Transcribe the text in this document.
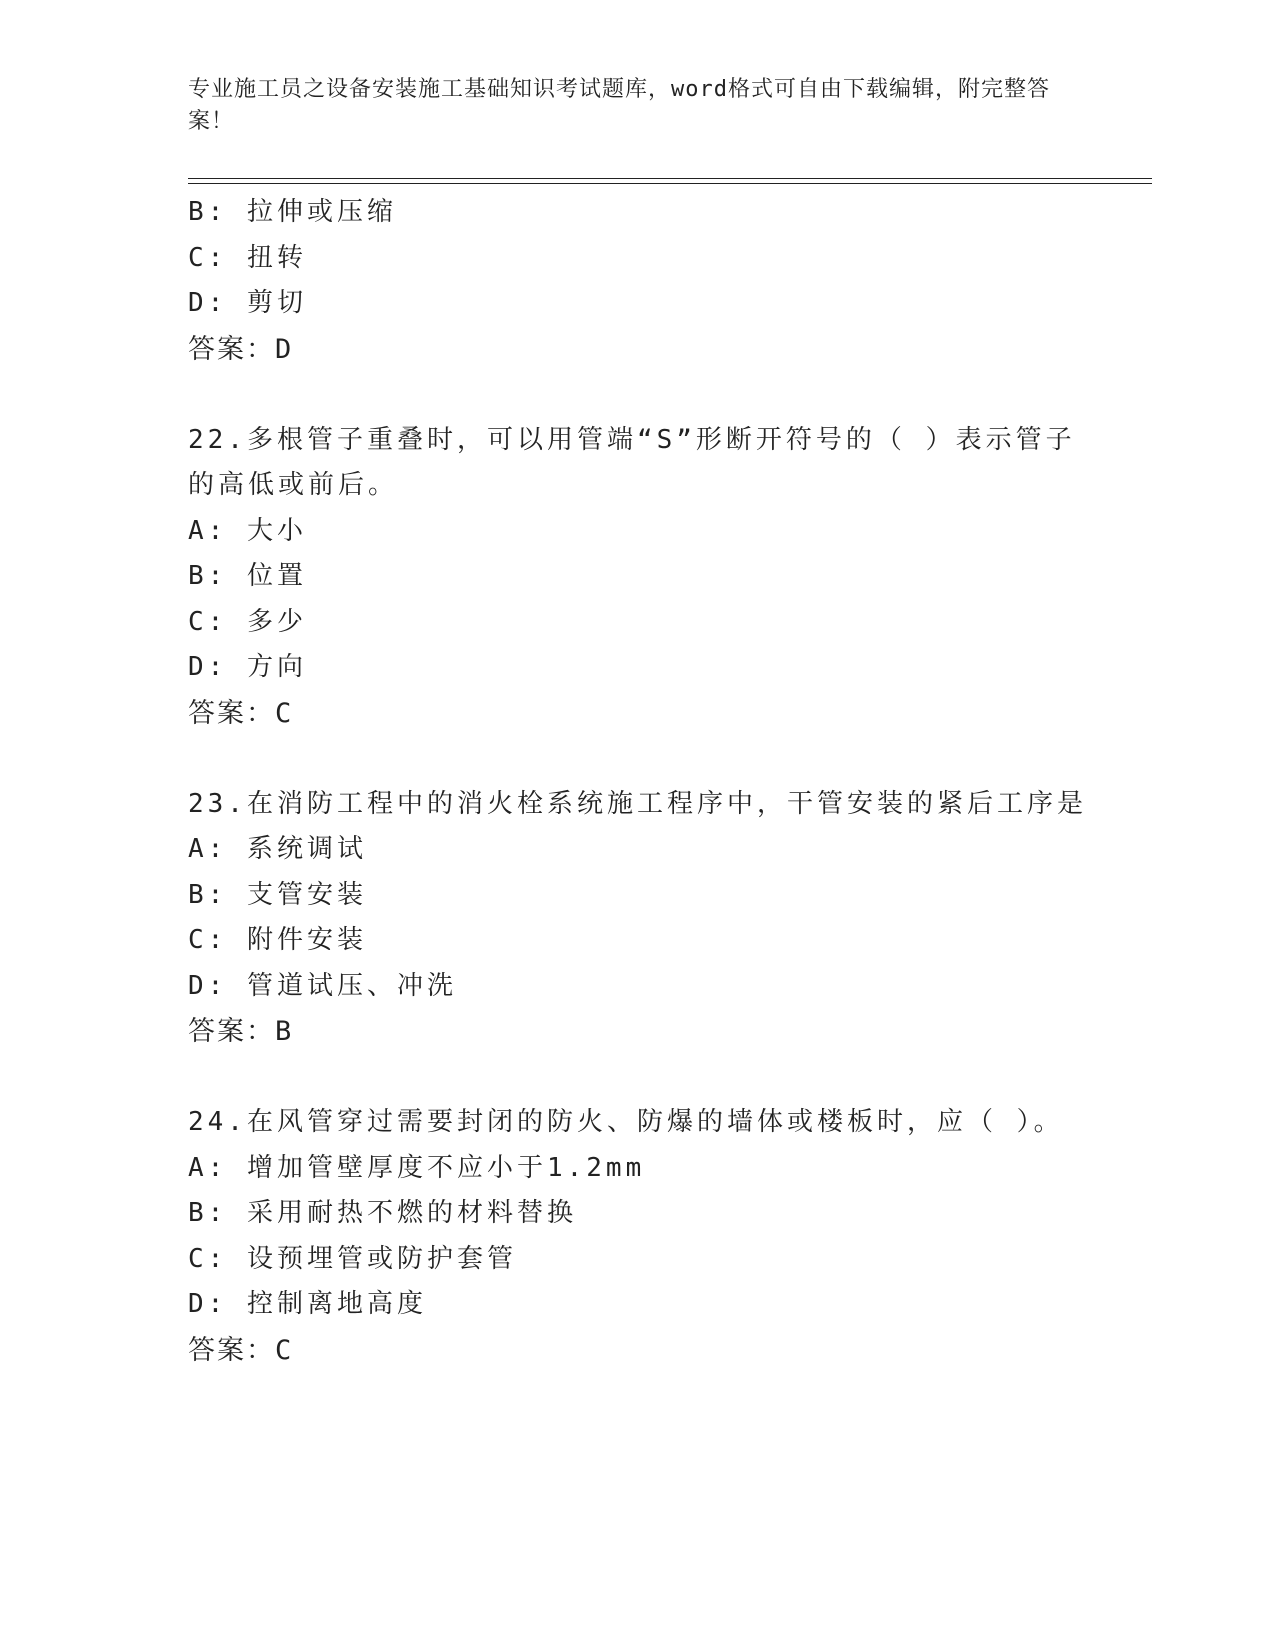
专业施工员之设备安装施工基础知识考试题库，word格式可自由下载编辑，附完整答案！
B: 拉伸或压缩
C: 扭转
D: 剪切
答案：D
22.多根管子重叠时，可以用管端“S”形断开符号的（ ）表示管子的高低或前后。
A: 大小
B: 位置
C: 多少
D: 方向
答案：C
23.在消防工程中的消火栓系统施工程序中，干管安装的紧后工序是
A: 系统调试
B: 支管安装
C: 附件安装
D: 管道试压、冲洗
答案：B
24.在风管穿过需要封闭的防火、防爆的墙体或楼板时，应（ ）。
A: 增加管壁厚度不应小于1.2mm
B: 采用耐热不燃的材料替换
C: 设预埋管或防护套管
D: 控制离地高度
答案：C
